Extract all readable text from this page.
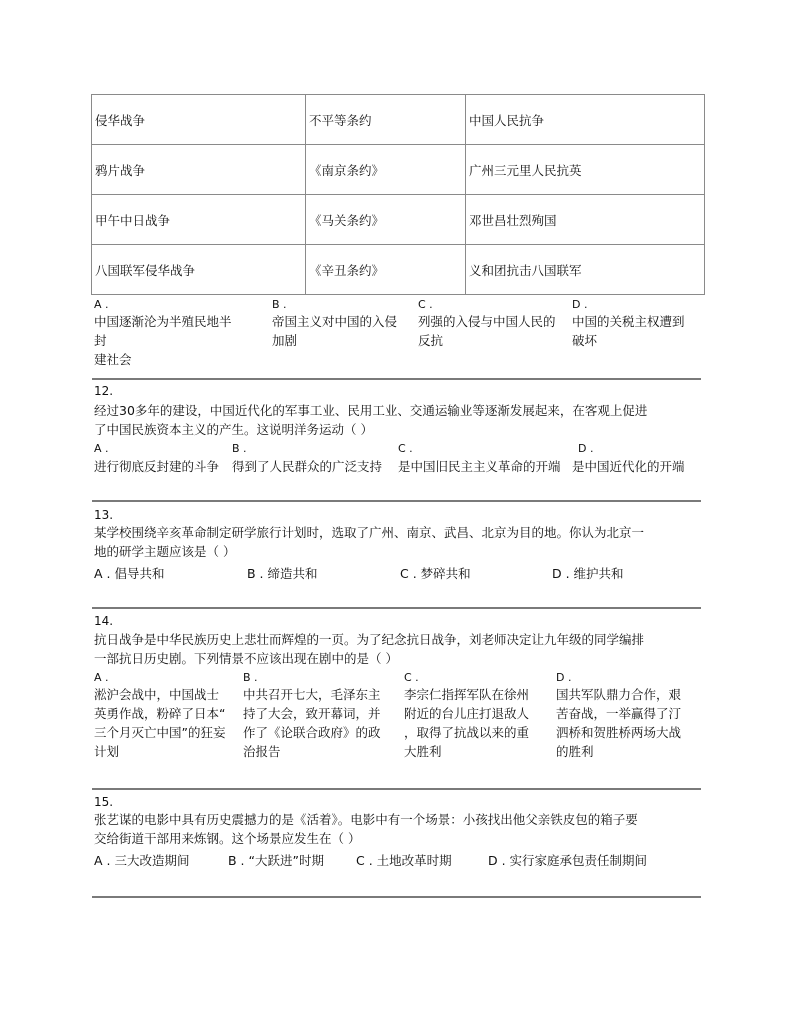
侵华战争	不平等条约	中国人民抗争
鸦片战争	《南京条约》	广州三元里人民抗英
甲午中日战争	《马关条约》	邓世昌壮烈殉国
八国联军侵华战争	《辛丑条约》	义和团抗击八国联军
A .
中国逐渐沦为半殖民地半封
建社会
B .
帝国主义对中国的入侵
加剧
C .
列强的入侵与中国人民的
反抗
D .
中国的关税主权遭到
破坏
12.
经过30多年的建设，中国近代化的军事工业、民用工业、交通运输业等逐渐发展起来，在客观上促进
了中国民族资本主义的产生。这说明洋务运动（ ）
A .	B .	C .	D .
进行彻底反封建的斗争 得到了人民群众的广泛支持 是中国旧民主主义革命的开端 是中国近代化的开端
13.
某学校围绕辛亥革命制定研学旅行计划时，选取了广州、南京、武昌、北京为目的地。你认为北京一
地的研学主题应该是（ ）
A . 倡导共和	B . 缔造共和	C . 梦碎共和	D . 维护共和
14.
抗日战争是中华民族历史上悲壮而辉煌的一页。为了纪念抗日战争，刘老师决定让九年级的同学编排
一部抗日历史剧。下列情景不应该出现在剧中的是（ ）
A .
淞沪会战中，中国战士
英勇作战，粉碎了日本“
三个月灭亡中国”的狂妄
计划
B .
中共召开七大，毛泽东主
持了大会，致开幕词，并
作了《论联合政府》的政
治报告
C .
李宗仁指挥军队在徐州
附近的台儿庄打退敌人
，取得了抗战以来的重
大胜利
D .
国共军队鼎力合作，艰
苦奋战，一举赢得了汀
泗桥和贺胜桥两场大战
的胜利
15.
张艺谋的电影中具有历史震撼力的是《活着》。电影中有一个场景：小孩找出他父亲铁皮包的箱子要
交给街道干部用来炼钢。这个场景应发生在（ ）
A . 三大改造期间	B . “大跃进”时期	C . 土地改革时期	D . 实行家庭承包责任制期间
